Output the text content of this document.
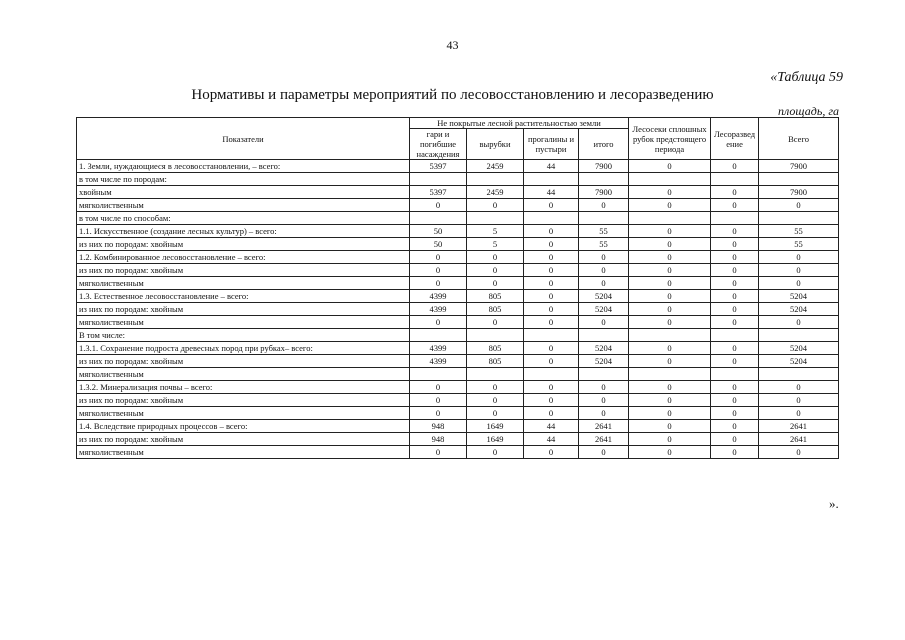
43
«Таблица 59
Нормативы и параметры мероприятий по лесовосстановлению и лесоразведению
площадь, га
Показатели	Не покрытые лесной растительностью земли				Лесосеки сплошных рубок предстоящего периода	Лесоразвед ение	Всего
	гари и погибшие насаждения	вырубки	прогалины и пустыри	итого			
1. Земли, нуждающиеся в лесовосстановлении, – всего:	5397	2459	44	7900	0	0	7900
в том числе по породам:							
хвойным	5397	2459	44	7900	0	0	7900
мягколиственным	0	0	0	0	0	0	0
в том числе по способам:							
1.1. Искусственное (создание лесных культур) – всего:	50	5	0	55	0	0	55
из них по породам: хвойным	50	5	0	55	0	0	55
1.2. Комбинированное лесовосстановление – всего:	0	0	0	0	0	0	0
из них по породам: хвойным	0	0	0	0	0	0	0
мягколиственным	0	0	0	0	0	0	0
1.3. Естественное лесовосстановление – всего:	4399	805	0	5204	0	0	5204
из них по породам: хвойным	4399	805	0	5204	0	0	5204
мягколиственным	0	0	0	0	0	0	0
В том числе:							
1.3.1. Сохранение подроста древесных пород при рубках– всего:	4399	805	0	5204	0	0	5204
из них по породам: хвойным	4399	805	0	5204	0	0	5204
мягколиственным							
1.3.2. Минерализация почвы – всего:	0	0	0	0	0	0	0
из них по породам: хвойным	0	0	0	0	0	0	0
мягколиственным	0	0	0	0	0	0	0
1.4. Вследствие природных процессов – всего:	948	1649	44	2641	0	0	2641
из них по породам: хвойным	948	1649	44	2641	0	0	2641
мягколиственным	0	0	0	0	0	0	0
».
